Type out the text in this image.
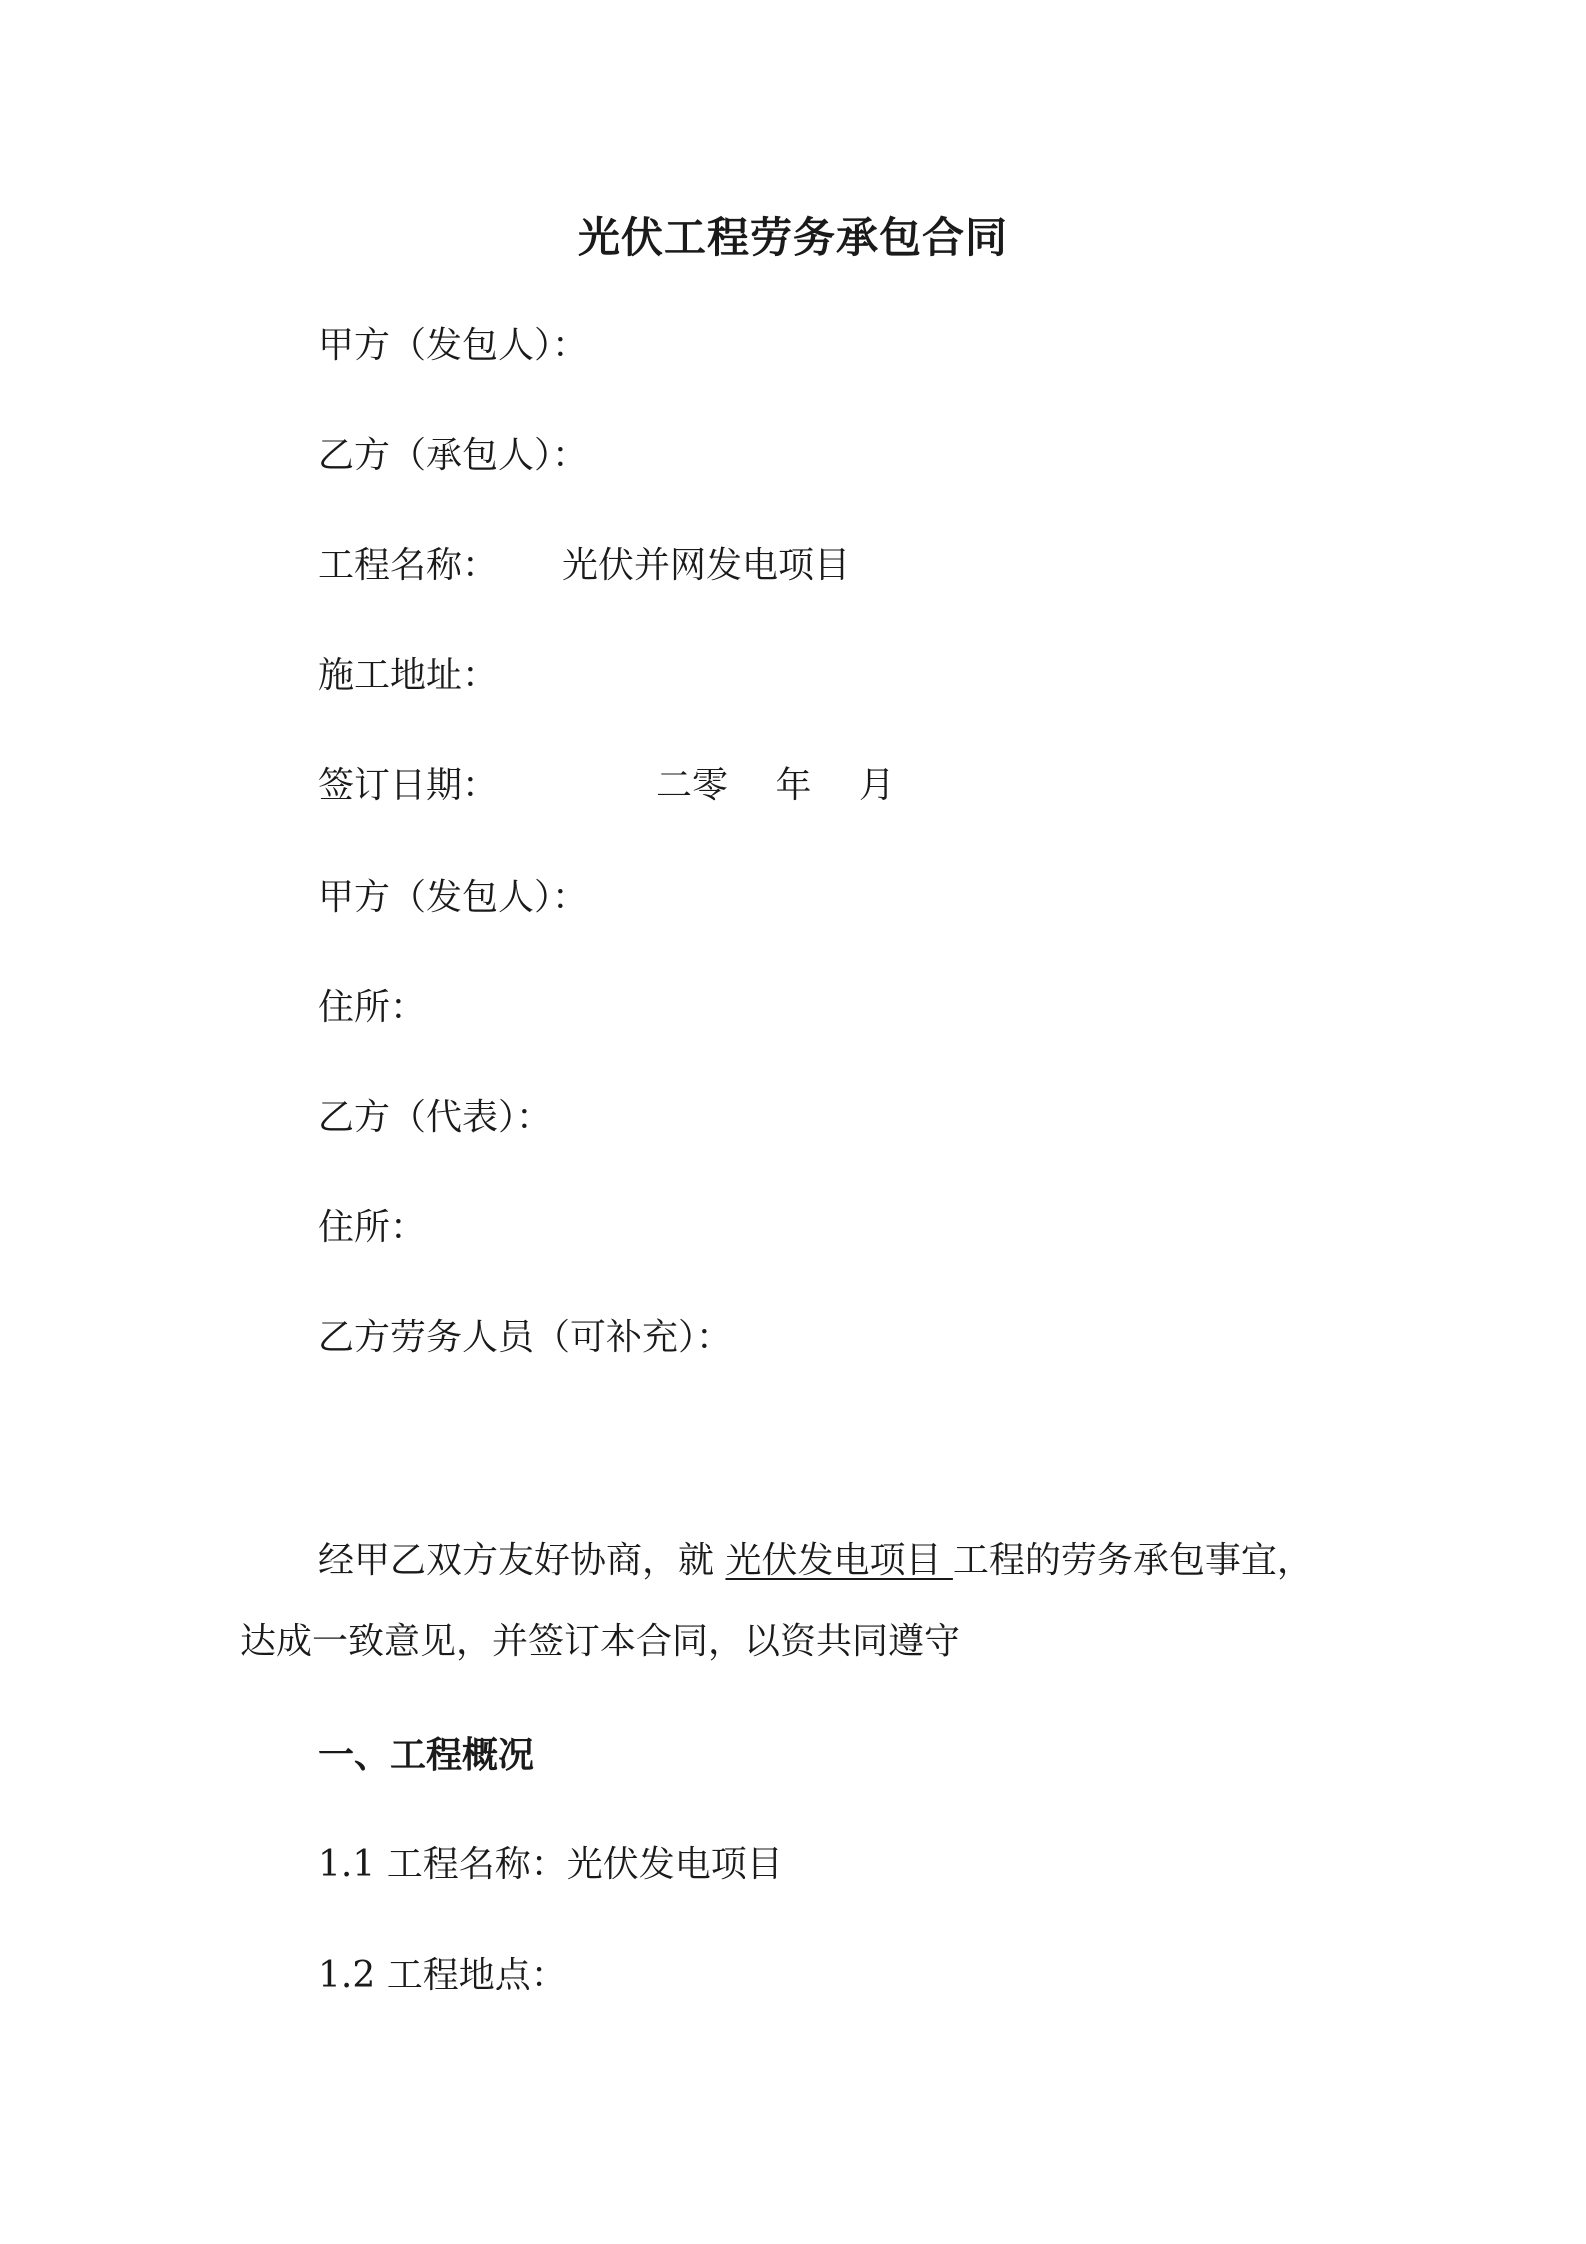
光伏工程劳务承包合同
甲方（发包人）：
乙方（承包人）：
工程名称： 光伏并网发电项目
施工地址：
签订日期：	二零　 年　 月
甲方（发包人）：
住所：
乙方（代表）：
住所：
乙方劳务人员（可补充）：
经甲乙双方友好协商，就 光伏发电项目 工程的劳务承包事宜，
达成一致意见，并签订本合同，以资共同遵守
一、工程概况
1.1 工程名称：光伏发电项目
1.2 工程地点：
